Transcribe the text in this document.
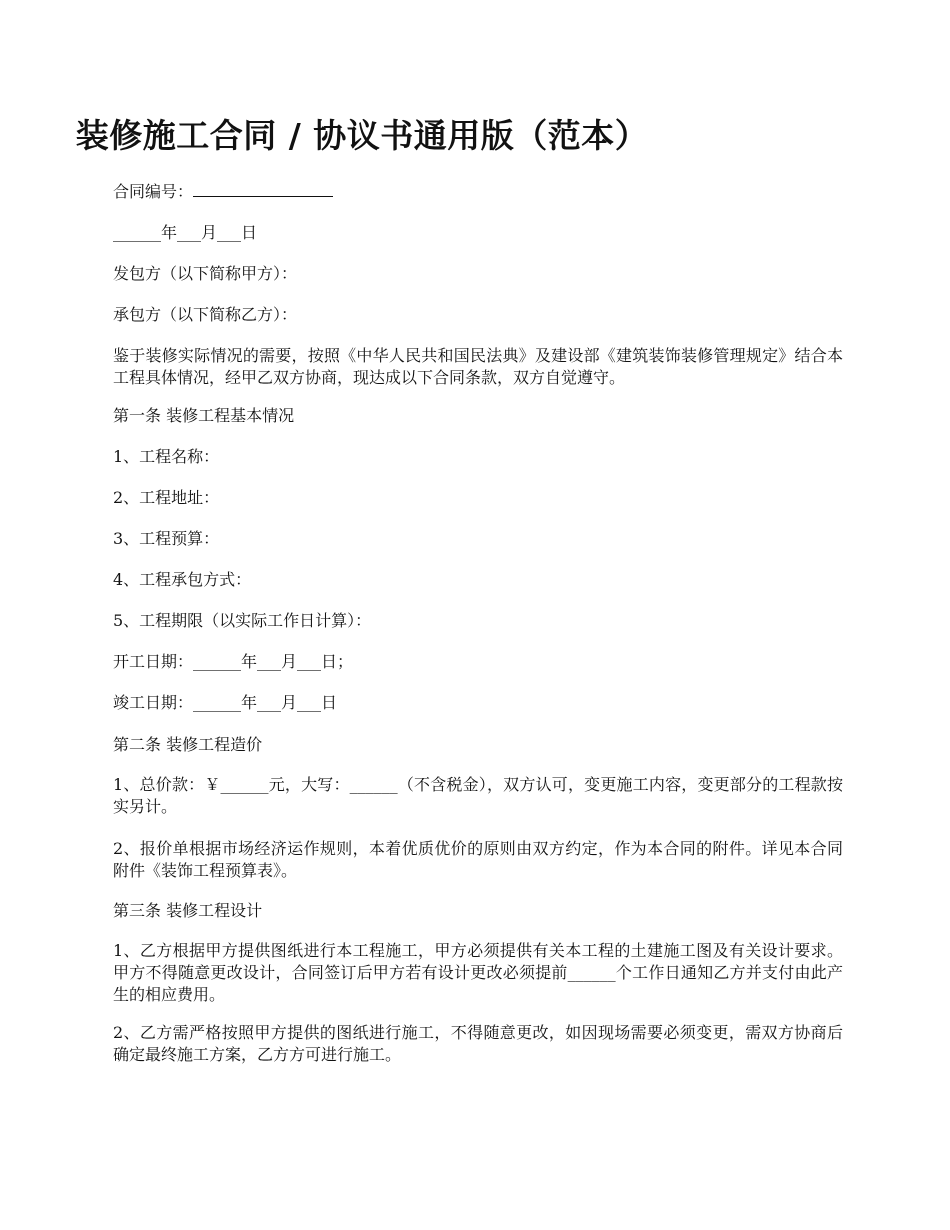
装修施工合同 / 协议书通用版（范本）

合同编号：

______年___月___日

发包方（以下简称甲方）：

承包方（以下简称乙方）：

鉴于装修实际情况的需要，按照《中华人民共和国民法典》及建设部《建筑装饰装修管理规定》结合本工程具体情况，经甲乙双方协商，现达成以下合同条款，双方自觉遵守。

第一条 装修工程基本情况

1、工程名称：

2、工程地址：

3、工程预算：

4、工程承包方式：

5、工程期限（以实际工作日计算）：

开工日期：______年___月___日；

竣工日期：______年___月___日

第二条 装修工程造价

1、总价款：￥______元，大写：______（不含税金），双方认可，变更施工内容，变更部分的工程款按实另计。

2、报价单根据市场经济运作规则，本着优质优价的原则由双方约定，作为本合同的附件。详见本合同附件《装饰工程预算表》。

第三条 装修工程设计

1、乙方根据甲方提供图纸进行本工程施工，甲方必须提供有关本工程的土建施工图及有关设计要求。甲方不得随意更改设计，合同签订后甲方若有设计更改必须提前______个工作日通知乙方并支付由此产生的相应费用。

2、乙方需严格按照甲方提供的图纸进行施工，不得随意更改，如因现场需要必须变更，需双方协商后确定最终施工方案，乙方方可进行施工。
